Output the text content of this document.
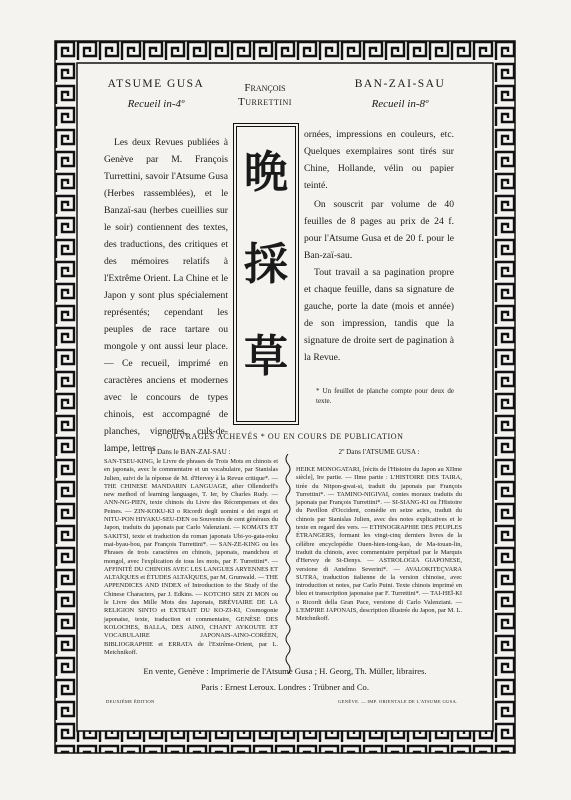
ATSUME GUSA
Recueil in-4º
François
Turrettini
BAN-ZAI-SAU
Recueil in-8º
Les deux Revues publiées à Genève par M. François Turrettini, savoir l'Atsume Gusa (Herbes rassemblées), et le Banzaï-sau (herbes cueillies sur le soir) contiennent des textes, des traductions, des critiques et des mémoires relatifs à l'Extrême Orient. La Chine et le Japon y sont plus spécialement représentés; cependant les peuples de race tartare ou mongole y ont aussi leur place. — Ce recueil, imprimé en caractères anciens et modernes avec le concours de types chinois, est accompagné de planches, vignettes, culs-de-lampe, lettres
晩
採
草
ornées, impressions en couleurs, etc. Quelques exemplaires sont tirés sur Chine, Hollande, vélin ou papier teinté.
On souscrit par volume de 40 feuilles de 8 pages au prix de 24 f. pour l'Atsume Gusa et de 20 f. pour le Ban-zaï-sau.
Tout travail a sa pagination propre et chaque feuille, dans sa signature de gauche, porte la date (mois et année) de son impression, tandis que la signature de droite sert de pagination à la Revue.
* Un feuillet de planche compte pour deux de texte.
OUVRAGES ACHEVÉS * OU EN COURS DE PUBLICATION
1º Dans le BAN-ZAI-SAU :
SAN-TSEU-KING, le Livre de phrases de Trois Mots en chinois et en japonais, avec le commentaire et un vocabulaire, par Stanislas Julien, suivi de la réponse de M. d'Hervey à la Revue critique*. — THE CHINESE MANDARIN LANGUAGE, after Ollendorff's new method of learning languages, T. Ier, by Charles Rudy. — ANN-NG-PIEN, texte chinois du Livre des Récompenses et des Peines. — ZIN-KOKU-KI o Ricordi degli uomini e dei regni et NITU-PON HIYAKU-SEU-DEN ou Souvenirs de cent généraux du Japon, traduits du japonais par Carlo Valenziani. — KOMATS ET SAKITSI, texte et traduction du roman japonais Ubi-yo-gata-roku mai-byau-bou, par François Turrettini*. — SAN-ZE-KING ou les Phrases de trois caractères en chinois, japonais, mandchou et mongol, avec l'explication de tous les mots, par F. Turrettini*. — AFFINITÉ DU CHINOIS AVEC LES LANGUES ARYENNES ET ALTAÏQUES et ÉTUDES ALTAÏQUES, par M. Grunwald. — THE APPENDICES AND INDEX of Introduction to the Study of the Chinese Characters, par J. Edkins. — KOTCHO SEN ZI MON ou le Livre des Mille Mots des Japonais, BRÉVIAIRE DE LA RELIGION SINTO et EXTRAIT DU KO-ZI-KI, Cosmogonie japonaise, texte, traduction et commentaire, GENÈSE DES KOLOCHES, BALLA, DES AINO, CHANT AYKOUTE ET VOCABULAIRE JAPONAIS-AINO-CORÉEN, BIBLIOGRAPHIE et ERRATA de l'Extrême-Orient, par L. Metchnikoff.
2º Dans l'ATSUME GUSA :
HEIKE MONOGATARI, [récits de l'Histoire du Japon au XIIme siècle], Ire partie. — IIme partie : L'HISTOIRE DES TAIRA, tirée du Nitpon-gwai-si, traduit du japonais par François Turrettini*. — TAMINO-NIGIVAI, contes moraux traduits du japonais par François Turrettini*. — SI-SIANG-KI ou l'Histoire du Pavillon d'Occident, comédie en seize actes, traduit du chinois par Stanislas Julien, avec des notes explicatives et le texte en regard des vers. — ETHNOGRAPHIE DES PEUPLES ÉTRANGERS, formant les vingt-cinq derniers livres de la célèbre encyclopédie Ouen-hien-tong-kao, de Ma-touan-lin, traduit du chinois, avec commentaire perpétuel par le Marquis d'Hervey de St-Denys. — ASTROLOGIA GIAPONESE, versione di Antelmo Severini*. — AVALOKITEÇVARA SUTRA, traduction italienne de la version chinoise, avec introduction et notes, par Carlo Puini. Texte chinois imprimé en bleu et transcription japonaise par F. Turrettini*. — TAI-HEÏ-KI o Ricordi della Gran Pace, versione di Carlo Valenziani. — L'EMPIRE JAPONAIS, description illustrée du Japon, par M. L. Metchnikoff.
En vente, Genève : Imprimerie de l'Atsume Gusa ; H. Georg, Th. Müller, libraires.
Paris : Ernest Leroux. Londres : Trübner and Co.
DEUXIÈME ÉDITION	GENÈVE. — IMP. ORIENTALE DE L'ATSUME GUSA.
